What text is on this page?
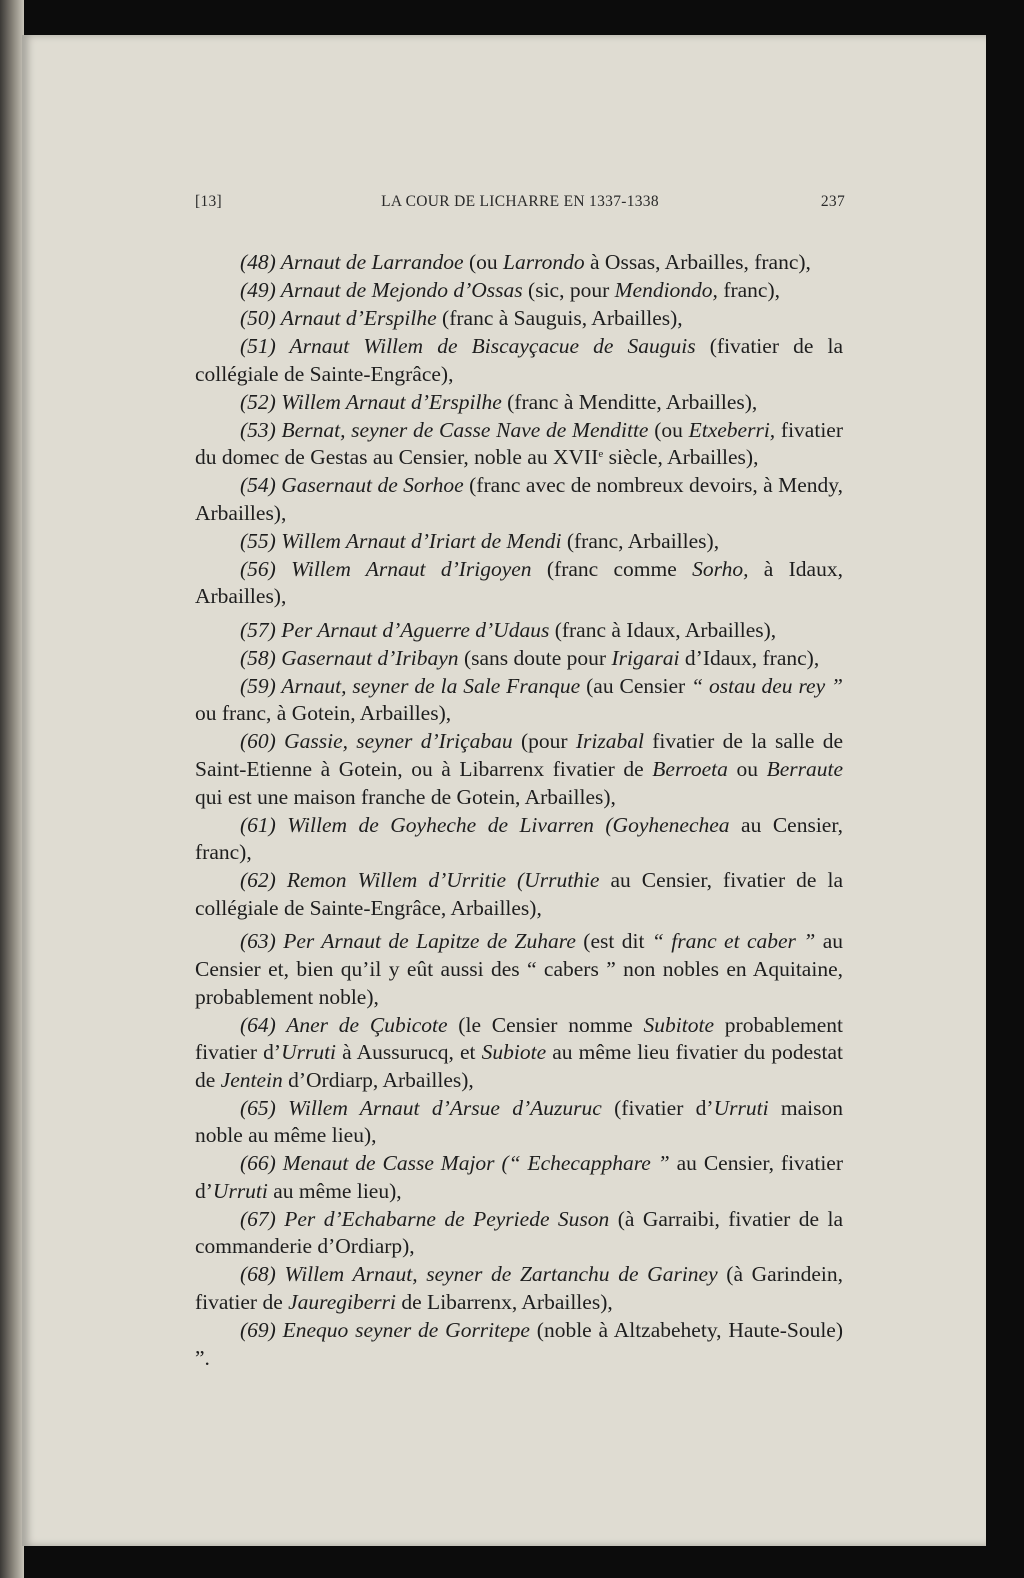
[13]	LA COUR DE LICHARRE EN 1337-1338	237

(48) Arnaut de Larrandoe (ou Larrondo à Ossas, Arbailles, franc),

(49) Arnaut de Mejondo d’Ossas (sic, pour Mendiondo, franc),

(50) Arnaut d’Erspilhe (franc à Sauguis, Arbailles),

(51) Arnaut Willem de Biscayçacue de Sauguis (fivatier de la collégiale de Sainte-Engrâce),

(52) Willem Arnaut d’Erspilhe (franc à Menditte, Arbailles),

(53) Bernat, seyner de Casse Nave de Menditte (ou Etxeberri, fivatier du domec de Gestas au Censier, noble au XVIIe siècle, Arbailles),

(54) Gasernaut de Sorhoe (franc avec de nombreux devoirs, à Mendy, Arbailles),

(55) Willem Arnaut d’Iriart de Mendi (franc, Arbailles),

(56) Willem Arnaut d’Irigoyen (franc comme Sorho, à Idaux, Arbailles),

(57) Per Arnaut d’Aguerre d’Udaus (franc à Idaux, Arbailles),

(58) Gasernaut d’Iribayn (sans doute pour Irigarai d’Idaux, franc),

(59) Arnaut, seyner de la Sale Franque (au Censier “ ostau deu rey ” ou franc, à Gotein, Arbailles),

(60) Gassie, seyner d’Iriçabau (pour Irizabal fivatier de la salle de Saint-Etienne à Gotein, ou à Libarrenx fivatier de Berroeta ou Berraute qui est une maison franche de Gotein, Arbailles),

(61) Willem de Goyheche de Livarren (Goyhenechea au Censier, franc),

(62) Remon Willem d’Urritie (Urruthie au Censier, fivatier de la collégiale de Sainte-Engrâce, Arbailles),

(63) Per Arnaut de Lapitze de Zuhare (est dit “ franc et caber ” au Censier et, bien qu’il y eût aussi des “ cabers ” non nobles en Aquitaine, probablement noble),

(64) Aner de Çubicote (le Censier nomme Subitote probablement fivatier d’Urruti à Aussurucq, et Subiote au même lieu fivatier du podestat de Jentein d’Ordiarp, Arbailles),

(65) Willem Arnaut d’Arsue d’Auzuruc (fivatier d’Urruti maison noble au même lieu),

(66) Menaut de Casse Major (“ Echecapphare ” au Censier, fivatier d’Urruti au même lieu),

(67) Per d’Echabarne de Peyriede Suson (à Garraibi, fivatier de la commanderie d’Ordiarp),

(68) Willem Arnaut, seyner de Zartanchu de Gariney (à Garindein, fivatier de Jauregiberri de Libarrenx, Arbailles),

(69) Enequo seyner de Gorritepe (noble à Altzabehety, Haute-Soule) ”.
